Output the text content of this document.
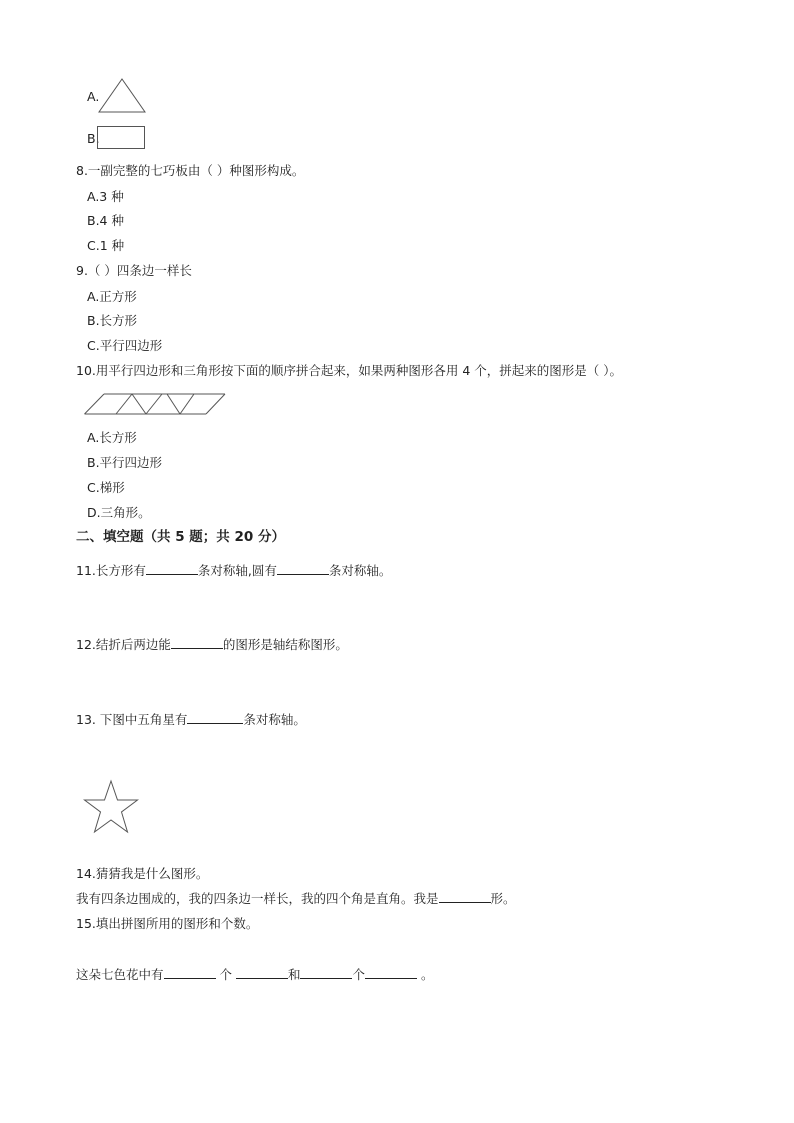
A.
B.
8.一副完整的七巧板由（ ）种图形构成。
A.3 种
B.4 种
C.1 种
9.（ ）四条边一样长
A.正方形
B.长方形
C.平行四边形
10.用平行四边形和三角形按下面的顺序拼合起来，如果两种图形各用 4 个，拼起来的图形是（ ）。
A.长方形
B.平行四边形
C.梯形
D.三角形。
二、填空题（共 5 题；共 20 分）
11.长方形有	条对称轴,圆有	条对称轴。
12.结折后两边能	的图形是轴结称图形。
13. 下图中五角星有	条对称轴。
14.猜猜我是什么图形。
我有四条边围成的，我的四条边一样长，我的四个角是直角。我是	形。
15.填出拼图所用的图形和个数。
这朵七色花中有	个	和	个	。
